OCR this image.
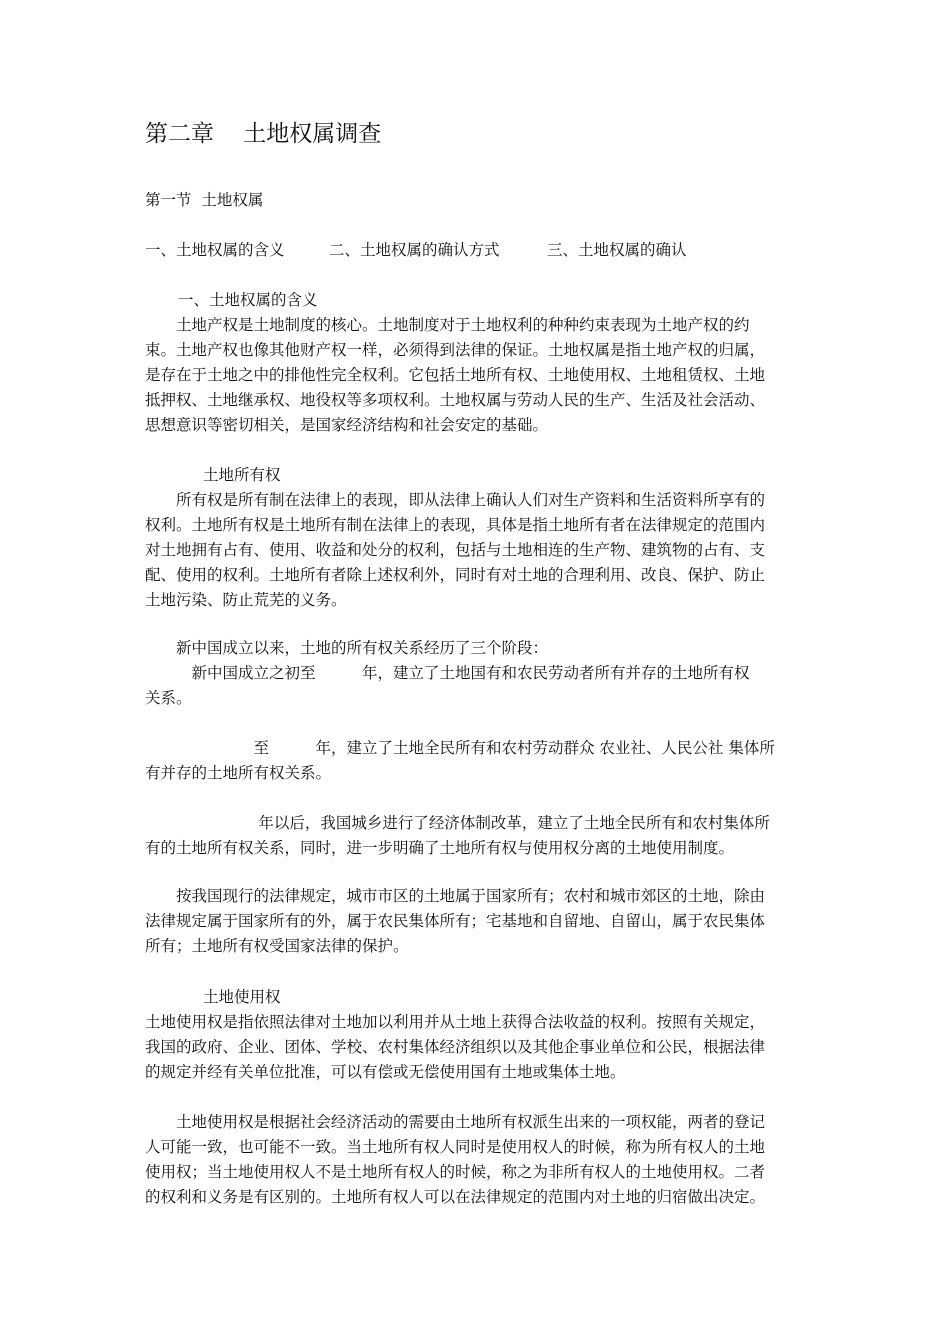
第二章    土地权属调查
第一节  土地权属
一、土地权属的含义	二、土地权属的确认方式	三、土地权属的确认
一、土地权属的含义

　　土地产权是土地制度的核心。土地制度对于土地权利的种种约束表现为土地产权的约
束。土地产权也像其他财产权一样，必须得到法律的保证。土地权属是指土地产权的归属，
是存在于土地之中的排他性完全权利。它包括土地所有权、土地使用权、土地租赁权、土地
抵押权、土地继承权、地役权等多项权利。土地权属与劳动人民的生产、生活及社会活动、
思想意识等密切相关，是国家经济结构和社会安定的基础。

土地所有权

　　所有权是所有制在法律上的表现，即从法律上确认人们对生产资料和生活资料所享有的
权利。土地所有权是土地所有制在法律上的表现，具体是指土地所有者在法律规定的范围内
对土地拥有占有、使用、收益和处分的权利，包括与土地相连的生产物、建筑物的占有、支
配、使用的权利。土地所有者除上述权利外，同时有对土地的合理利用、改良、保护、防止
土地污染、防止荒芜的义务。

　　新中国成立以来，土地的所有权关系经历了三个阶段：

　　　新中国成立之初至　　　年，建立了土地国有和农民劳动者所有并存的土地所有权
关系。

　　　　　　　至　　　年，建立了土地全民所有和农村劳动群众 农业社、人民公社 集体所
有并存的土地所有权关系。

　　　　　　　 年以后，我国城乡进行了经济体制改革，建立了土地全民所有和农村集体所
有的土地所有权关系，同时，进一步明确了土地所有权与使用权分离的土地使用制度。

　　按我国现行的法律规定，城市市区的土地属于国家所有；农村和城市郊区的土地，除由
法律规定属于国家所有的外，属于农民集体所有；宅基地和自留地、自留山，属于农民集体
所有；土地所有权受国家法律的保护。

土地使用权

土地使用权是指依照法律对土地加以利用并从土地上获得合法收益的权利。按照有关规定，
我国的政府、企业、团体、学校、农村集体经济组织以及其他企事业单位和公民，根据法律
的规定并经有关单位批准，可以有偿或无偿使用国有土地或集体土地。

　　土地使用权是根据社会经济活动的需要由土地所有权派生出来的一项权能，两者的登记
人可能一致，也可能不一致。当土地所有权人同时是使用权人的时候，称为所有权人的土地
使用权；当土地使用权人不是土地所有权人的时候，称之为非所有权人的土地使用权。二者
的权利和义务是有区别的。土地所有权人可以在法律规定的范围内对土地的归宿做出决定。
